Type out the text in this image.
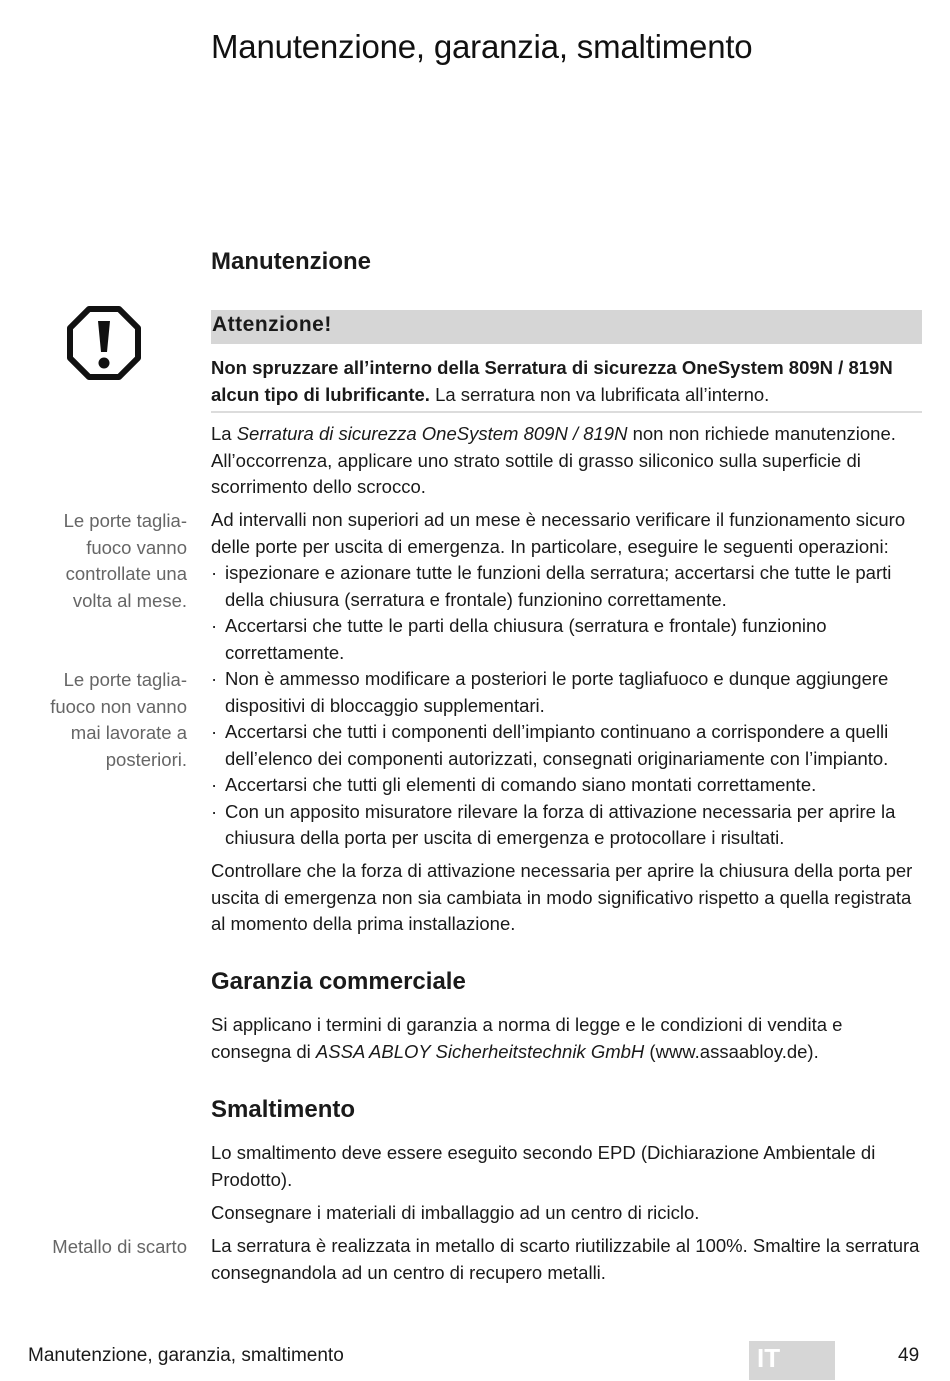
Manutenzione, garanzia, smaltimento
Manutenzione
Attenzione!
Non spruzzare all’interno della Serratura di sicurezza OneSystem 809N / 819N alcun tipo di lubrificante. La serratura non va lubrificata all’interno.
La Serratura di sicurezza OneSystem 809N / 819N non non richiede manutenzione. All’occorrenza, applicare uno strato sottile di grasso siliconico sulla superficie di scorrimento dello scrocco.
Ad intervalli non superiori ad un mese è necessario verificare il funzionamento sicuro delle porte per uscita di emergenza. In particolare, eseguire le seguenti operazioni:
· ispezionare e azionare tutte le funzioni della serratura; accertarsi che tutte le parti della chiusura (serratura e frontale) funzionino correttamente.
· Accertarsi che tutte le parti della chiusura (serratura e frontale) funzionino correttamente.
· Non è ammesso modificare a posteriori le porte tagliafuoco e dunque aggiungere dispositivi di bloccaggio supplementari.
· Accertarsi che tutti i componenti dell’impianto continuano a corrispondere a quelli dell’elenco dei componenti autorizzati, consegnati originariamente con l’impianto.
· Accertarsi che tutti gli elementi di comando siano montati correttamente.
· Con un apposito misuratore rilevare la forza di attivazione necessaria per aprire la chiusura della porta per uscita di emergenza e protocollare i risultati.
Controllare che la forza di attivazione necessaria per aprire la chiusura della porta per uscita di emergenza non sia cambiata in modo significativo rispetto a quella registrata al momento della prima installazione.
Le porte tagliafuoco vanno controllate una volta al mese.
Le porte tagliafuoco non vanno mai lavorate a posteriori.
Metallo di scarto
Garanzia commerciale
Si applicano i termini di garanzia a norma di legge e le condizioni di vendita e consegna di ASSA ABLOY Sicherheitstechnik GmbH (www.assaabloy.de).
Smaltimento
Lo smaltimento deve essere eseguito secondo EPD (Dichiarazione Ambientale di Prodotto).
Consegnare i materiali di imballaggio ad un centro di riciclo.
La serratura è realizzata in metallo di scarto riutilizzabile al 100%. Smaltire la serratura consegnandola ad un centro di recupero metalli.
Manutenzione, garanzia, smaltimento	IT	49
